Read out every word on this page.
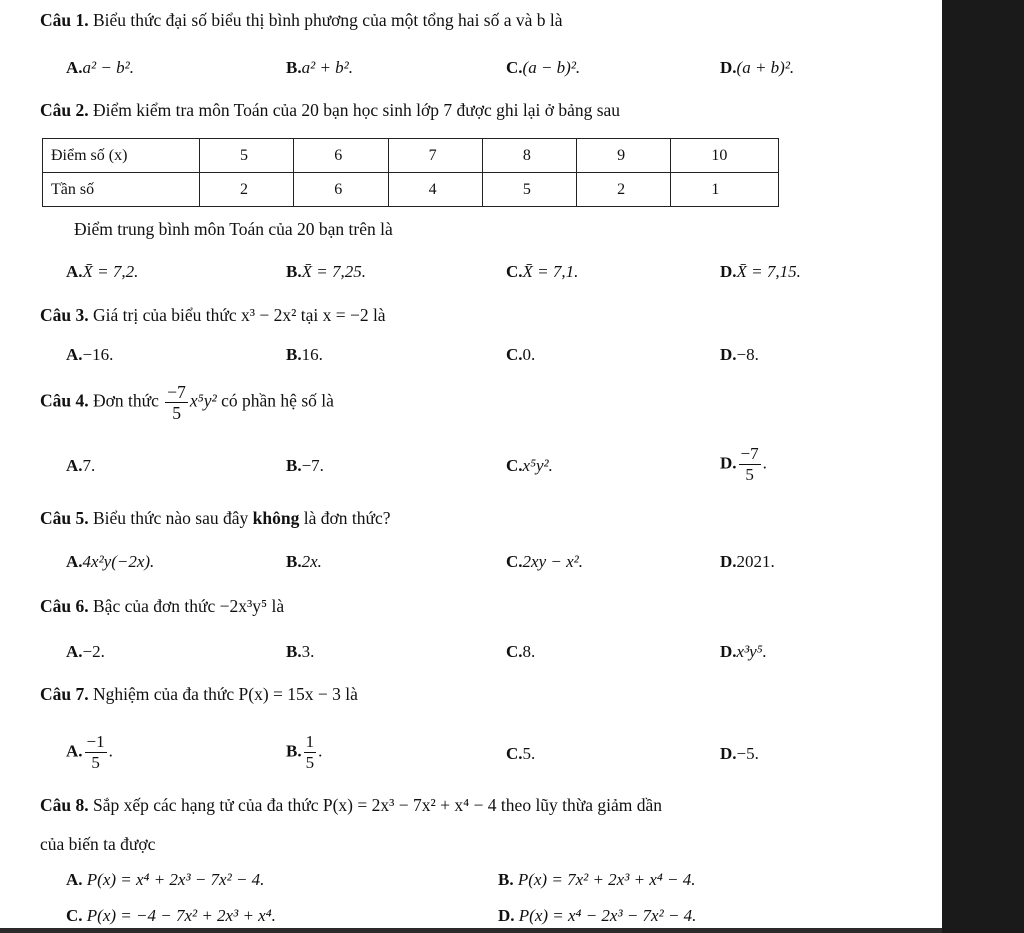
Câu 1. Biểu thức đại số biểu thị bình phương của một tổng hai số a và b là
A.a² − b².	B.a² + b².	C.(a − b)².	D.(a + b)².
Câu 2. Điểm kiểm tra môn Toán của 20 bạn học sinh lớp 7 được ghi lại ở bảng sau
Điểm số (x)	5	6	7	8	9	10
Tần số	2	6	4	5	2	1
Điểm trung bình môn Toán của 20 bạn trên là
A.X̄ = 7,2.	B.X̄ = 7,25.	C.X̄ = 7,1.	D.X̄ = 7,15.
Câu 3. Giá trị của biểu thức x³ − 2x² tại x = −2 là
A.−16.	B.16.	C.0.	D.−8.
Câu 4. Đơn thức $\frac{-7}{5} x^5y^2$ có phần hệ số là
A.7.	B.−7.	C.x⁵y².	D. $\frac{-7}{5}$ .
Câu 5. Biểu thức nào sau đây không là đơn thức?
A.4x²y(−2x).	B.2x.	C.2xy − x².	D.2021.
Câu 6. Bậc của đơn thức −2x³y⁵ là
A.−2.	B.3.	C.8.	D.x³y⁵.
Câu 7. Nghiệm của đa thức P(x) = 15x − 3 là
A. $\frac{-1}{5}$ .	B. $\frac{1}{5}$ .	C.5.	D.−5.
Câu 8. Sắp xếp các hạng tử của đa thức P(x) = 2x³ − 7x² + x⁴ − 4 theo lũy thừa giảm dần
của biến ta được
A. P(x) = x⁴ + 2x³ − 7x² − 4.	B. P(x) = 7x² + 2x³ + x⁴ − 4.
C. P(x) = −4 − 7x² + 2x³ + x⁴.	D. P(x) = x⁴ − 2x³ − 7x² − 4.
